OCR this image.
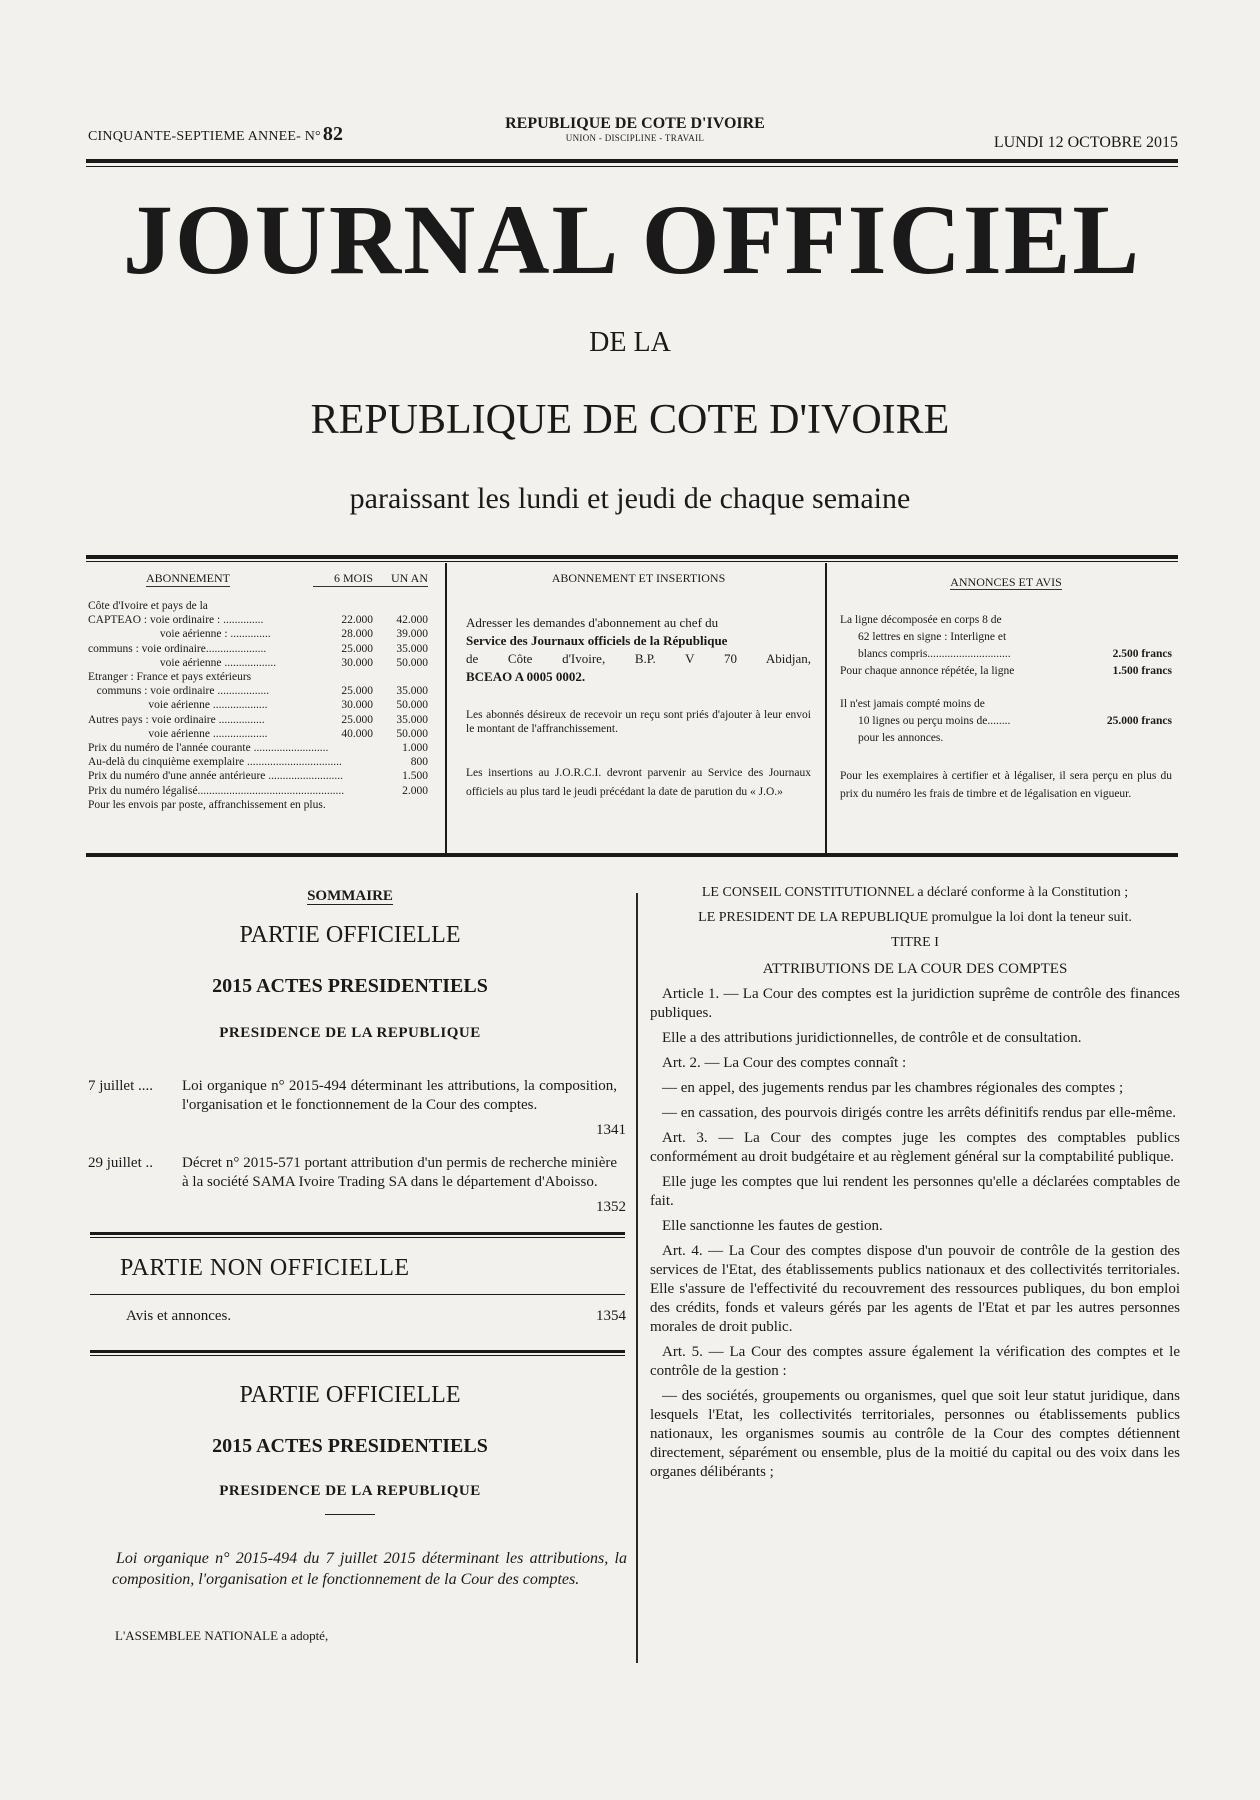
CINQUANTE-SEPTIEME ANNEE- N° 82	REPUBLIQUE DE COTE D'IVOIRE
UNION - DISCIPLINE - TRAVAIL	LUNDI 12 OCTOBRE 2015
JOURNAL OFFICIEL
DE LA
REPUBLIQUE DE COTE D'IVOIRE
paraissant les lundi et jeudi de chaque semaine
ABONNEMENT	6 MOIS	UN AN
Côte d'Ivoire et pays de la
CAPTEAO : voie ordinaire : ..............	22.000	42.000
voie aérienne : ..............	28.000	39.000
communs : voie ordinaire.....................	25.000	35.000
voie aérienne ..................	30.000	50.000
Etranger : France et pays extérieurs
communs : voie ordinaire ..................	25.000	35.000
voie aérienne ...................	30.000	50.000
Autres pays : voie ordinaire ................	25.000	35.000
voie aérienne ...................	40.000	50.000
Prix du numéro de l'année courante ..........................	1.000
Au-delà du cinquième exemplaire .................................	800
Prix du numéro d'une année antérieure ..........................	1.500
Prix du numéro légalisé...................................................	2.000
Pour les envois par poste, affranchissement en plus.
ABONNEMENT ET INSERTIONS
Adresser les demandes d'abonnement au chef du
Service des Journaux officiels de la République
de Côte d'Ivoire, B.P. V 70 Abidjan,
BCEAO A 0005 0002.
Les abonnés désireux de recevoir un reçu sont priés d'ajouter à leur envoi le montant de l'affranchissement.
Les insertions au J.O.R.C.I. devront parvenir au Service des Journaux officiels au plus tard le jeudi précédant la date de parution du « J.O.»
ANNONCES ET AVIS
La ligne décomposée en corps 8 de
62 lettres en signe : Interligne et
blancs compris.............................	2.500 francs
Pour chaque annonce répétée, la ligne	1.500 francs
Il n'est jamais compté moins de
10 lignes ou perçu moins de........	25.000 francs
pour les annonces.
Pour les exemplaires à certifier et à légaliser, il sera perçu en plus du prix du numéro les frais de timbre et de légalisation en vigueur.
SOMMAIRE
PARTIE OFFICIELLE
2015 ACTES PRESIDENTIELS
PRESIDENCE DE LA REPUBLIQUE
7 juillet .... Loi organique n° 2015-494 déterminant les attributions, la composition, l'organisation et le fonctionnement de la Cour des comptes.
1341
29 juillet .. Décret n° 2015-571 portant attribution d'un permis de recherche minière à la société SAMA Ivoire Trading SA dans le département d'Aboisso.
1352
PARTIE NON OFFICIELLE
Avis et annonces.	1354
PARTIE OFFICIELLE
2015 ACTES PRESIDENTIELS
PRESIDENCE DE LA REPUBLIQUE
Loi organique n° 2015-494 du 7 juillet 2015 déterminant les attributions, la composition, l'organisation et le fonctionnement de la Cour des comptes.
L'ASSEMBLEE NATIONALE a adopté,

LE CONSEIL CONSTITUTIONNEL a déclaré conforme à la Constitution ;

LE PRESIDENT DE LA REPUBLIQUE promulgue la loi dont la teneur suit.

TITRE I

ATTRIBUTIONS DE LA COUR DES COMPTES

Article 1. — La Cour des comptes est la juridiction suprême de contrôle des finances publiques.

Elle a des attributions juridictionnelles, de contrôle et de consultation.

Art. 2. — La Cour des comptes connaît :

— en appel, des jugements rendus par les chambres régionales des comptes ;

— en cassation, des pourvois dirigés contre les arrêts définitifs rendus par elle-même.

Art. 3. — La Cour des comptes juge les comptes des comptables publics conformément au droit budgétaire et au règlement général sur la comptabilité publique.

Elle juge les comptes que lui rendent les personnes qu'elle a déclarées comptables de fait.

Elle sanctionne les fautes de gestion.

Art. 4. — La Cour des comptes dispose d'un pouvoir de contrôle de la gestion des services de l'Etat, des établissements publics nationaux et des collectivités territoriales. Elle s'assure de l'effectivité du recouvrement des ressources publiques, du bon emploi des crédits, fonds et valeurs gérés par les agents de l'Etat et par les autres personnes morales de droit public.

Art. 5. — La Cour des comptes assure également la vérification des comptes et le contrôle de la gestion :

— des sociétés, groupements ou organismes, quel que soit leur statut juridique, dans lesquels l'Etat, les collectivités territoriales, personnes ou établissements publics nationaux, les organismes soumis au contrôle de la Cour des comptes détiennent directement, séparément ou ensemble, plus de la moitié du capital ou des voix dans les organes délibérants ;
